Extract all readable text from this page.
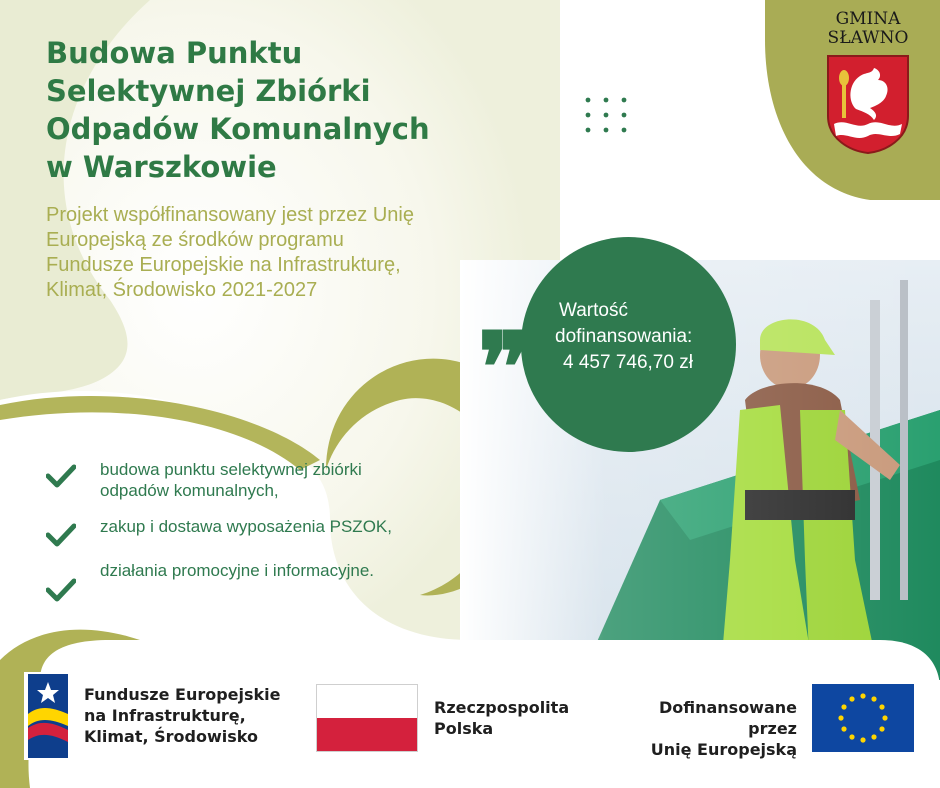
Budowa Punktu
Selektywnej Zbiórki
Odpadów Komunalnych
w Warszkowie
Projekt współfinansowany jest przez Unię
Europejską ze środków programu
Fundusze Europejskie na Infrastrukturę,
Klimat, Środowisko 2021-2027
❞
Wartość
dofinansowania:
4 457 746,70 zł
GMINA
SŁAWNO
budowa punktu selektywnej zbiórki
odpadów komunalnych,
zakup i dostawa wyposażenia PSZOK,
działania promocyjne i informacyjne.
Fundusze Europejskie
na Infrastrukturę,
Klimat, Środowisko
Rzeczpospolita
Polska
Dofinansowane przez
Unię Europejską
